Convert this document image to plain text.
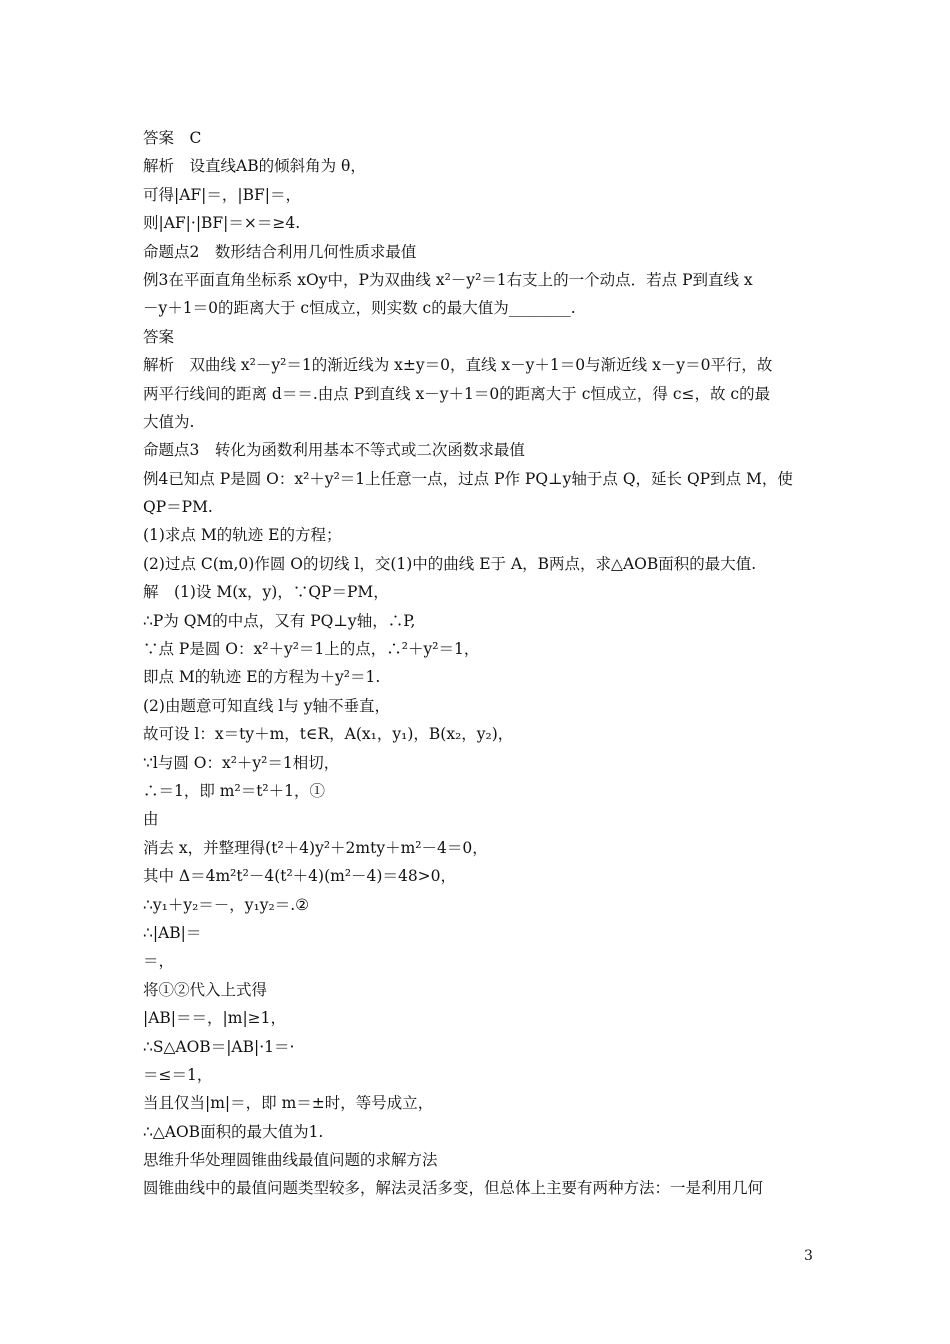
答案　C
解析　设直线AB的倾斜角为 θ，
可得|AF|＝，|BF|＝，
则|AF|·|BF|＝×＝≥4.
命题点2　数形结合利用几何性质求最值
例3在平面直角坐标系 xOy中，P为双曲线 x²－y²＝1右支上的一个动点．若点 P到直线 x
－y＋1＝0的距离大于 c恒成立，则实数 c的最大值为________.
答案
解析　双曲线 x²－y²＝1的渐近线为 x±y＝0，直线 x－y＋1＝0与渐近线 x－y＝0平行，故
两平行线间的距离 d＝＝.由点 P到直线 x－y＋1＝0的距离大于 c恒成立，得 c≤，故 c的最
大值为.
命题点3　转化为函数利用基本不等式或二次函数求最值
例4已知点 P是圆 O：x²＋y²＝1上任意一点，过点 P作 PQ⊥y轴于点 Q，延长 QP到点 M，使
QP＝PM.
(1)求点 M的轨迹 E的方程；
(2)过点 C(m,0)作圆 O的切线 l，交(1)中的曲线 E于 A，B两点，求△AOB面积的最大值.
解　(1)设 M(x，y)，∵QP＝PM，
∴P为 QM的中点，又有 PQ⊥y轴，∴P,
∵点 P是圆 O：x²＋y²＝1上的点，∴²＋y²＝1，
即点 M的轨迹 E的方程为＋y²＝1.
(2)由题意可知直线 l与 y轴不垂直，
故可设 l：x＝ty＋m，t∈R，A(x₁，y₁)，B(x₂，y₂)，
∵l与圆 O：x²＋y²＝1相切，
∴＝1，即 m²＝t²＋1，①
由
消去 x，并整理得(t²＋4)y²＋2mty＋m²－4＝0，
其中 Δ＝4m²t²－4(t²＋4)(m²－4)＝48>0，
∴y₁＋y₂＝－，y₁y₂＝.②
∴|AB|＝
＝，
将①②代入上式得
|AB|＝＝，|m|≥1，
∴S△AOB＝|AB|·1＝·
＝≤＝1，
当且仅当|m|＝，即 m＝±时，等号成立，
∴△AOB面积的最大值为1.
思维升华处理圆锥曲线最值问题的求解方法
圆锥曲线中的最值问题类型较多，解法灵活多变，但总体上主要有两种方法：一是利用几何
3
